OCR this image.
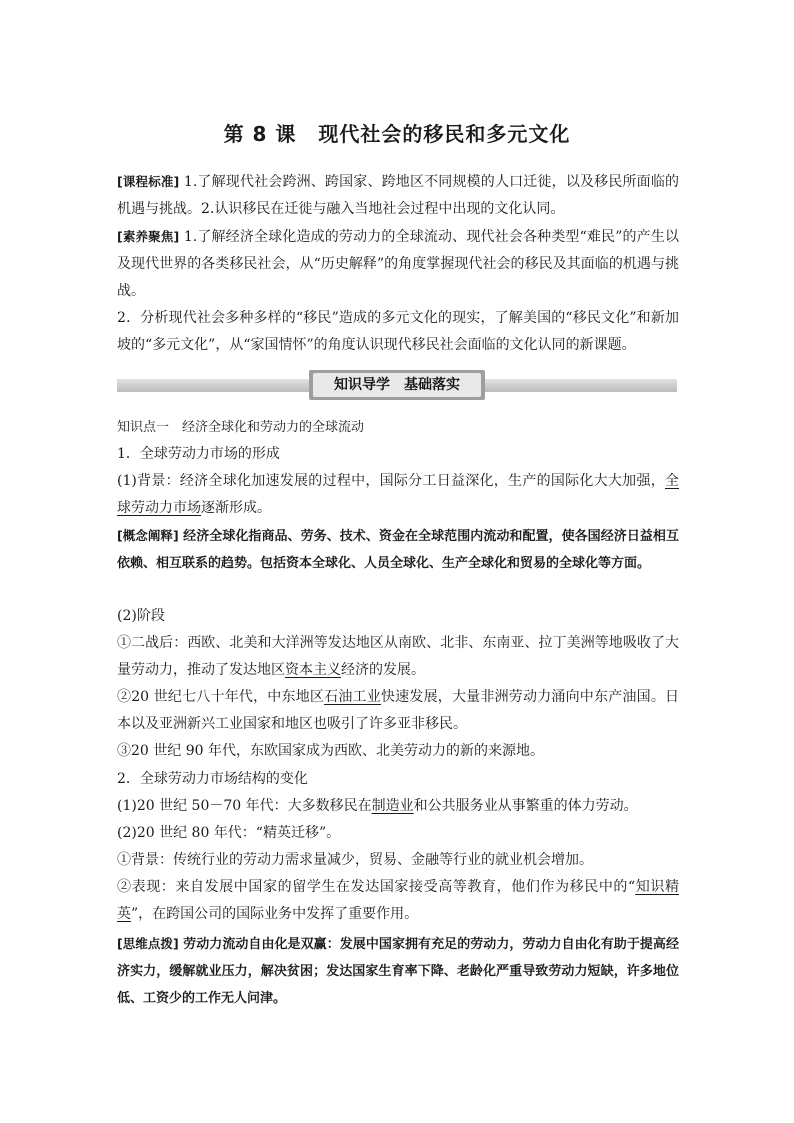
第 8 课 现代社会的移民和多元文化
[课程标准] 1.了解现代社会跨洲、跨国家、跨地区不同规模的人口迁徙，以及移民所面临的机遇与挑战。2.认识移民在迁徙与融入当地社会过程中出现的文化认同。
[素养聚焦] 1.了解经济全球化造成的劳动力的全球流动、现代社会各种类型“难民”的产生以及现代世界的各类移民社会，从“历史解释”的角度掌握现代社会的移民及其面临的机遇与挑战。
2．分析现代社会多种多样的“移民”造成的多元文化的现实，了解美国的“移民文化”和新加坡的“多元文化”，从“家国情怀”的角度认识现代移民社会面临的文化认同的新课题。
知识导学　基础落实
知识点一　经济全球化和劳动力的全球流动
1．全球劳动力市场的形成
(1)背景：经济全球化加速发展的过程中，国际分工日益深化，生产的国际化大大加强，全球劳动力市场逐渐形成。
[概念阐释] 经济全球化指商品、劳务、技术、资金在全球范围内流动和配置，使各国经济日益相互依赖、相互联系的趋势。包括资本全球化、人员全球化、生产全球化和贸易的全球化等方面。
(2)阶段
①二战后：西欧、北美和大洋洲等发达地区从南欧、北非、东南亚、拉丁美洲等地吸收了大量劳动力，推动了发达地区资本主义经济的发展。
②20 世纪七八十年代，中东地区石油工业快速发展，大量非洲劳动力涌向中东产油国。日本以及亚洲新兴工业国家和地区也吸引了许多亚非移民。
③20 世纪 90 年代，东欧国家成为西欧、北美劳动力的新的来源地。
2．全球劳动力市场结构的变化
(1)20 世纪 50－70 年代：大多数移民在制造业和公共服务业从事繁重的体力劳动。
(2)20 世纪 80 年代：“精英迁移”。
①背景：传统行业的劳动力需求量减少，贸易、金融等行业的就业机会增加。
②表现：来自发展中国家的留学生在发达国家接受高等教育，他们作为移民中的“知识精英”，在跨国公司的国际业务中发挥了重要作用。
[思维点拨] 劳动力流动自由化是双赢：发展中国家拥有充足的劳动力，劳动力自由化有助于提高经济实力，缓解就业压力，解决贫困；发达国家生育率下降、老龄化严重导致劳动力短缺，许多地位低、工资少的工作无人问津。
